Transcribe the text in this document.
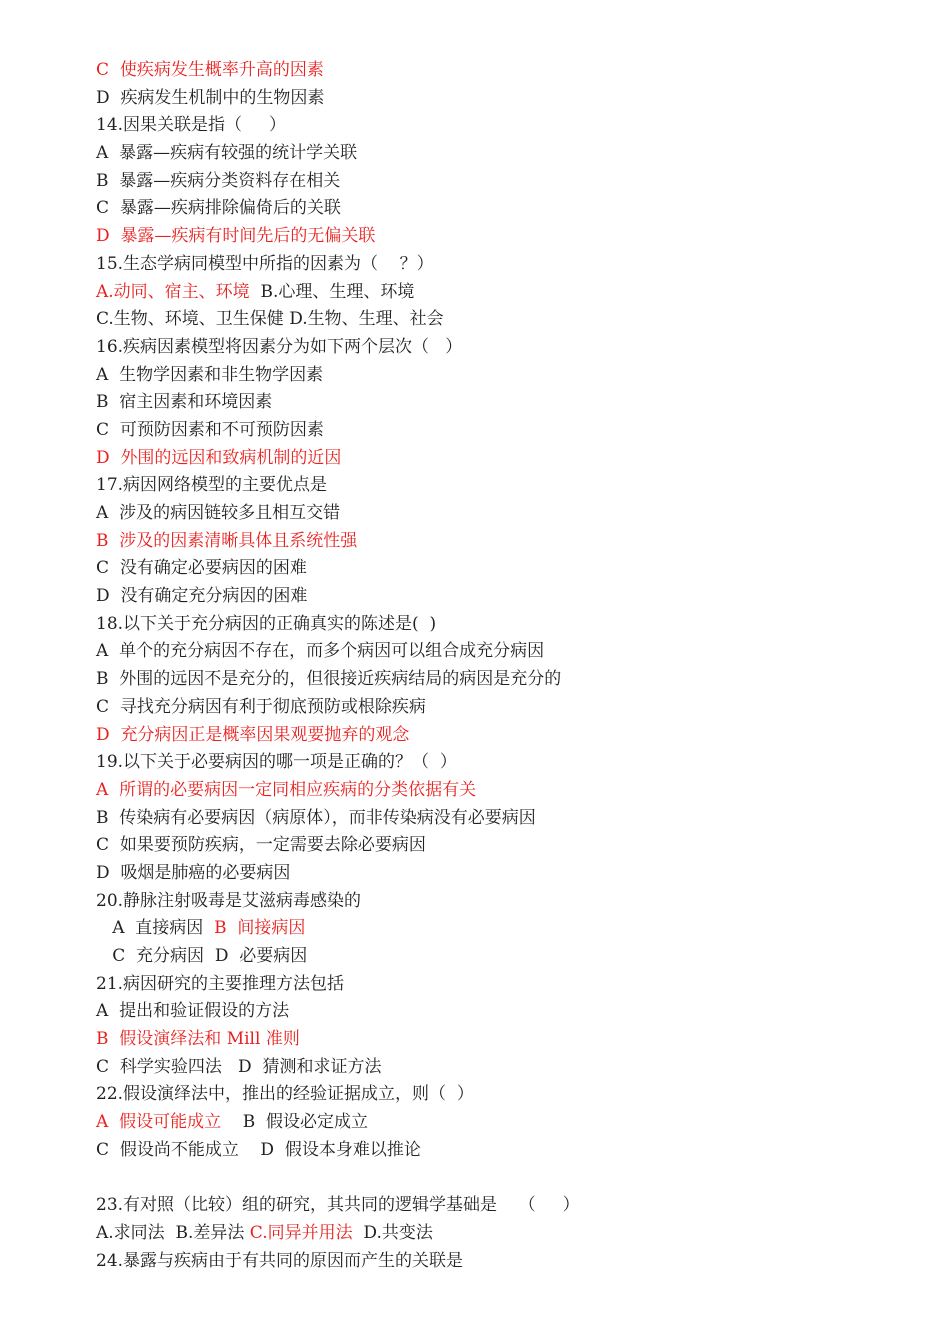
C  使疾病发生概率升高的因素
D  疾病发生机制中的生物因素
14.因果关联是指（     ）
A  暴露—疾病有较强的统计学关联
B  暴露—疾病分类资料存在相关
C  暴露—疾病排除偏倚后的关联
D  暴露—疾病有时间先后的无偏关联
15.生态学病同模型中所指的因素为（    ？）
A.动同、宿主、环境  B.心理、生理、环境
C.生物、环境、卫生保健 D.生物、生理、社会
16.疾病因素模型将因素分为如下两个层次（   ）
A  生物学因素和非生物学因素
B  宿主因素和环境因素
C  可预防因素和不可预防因素
D  外围的远因和致病机制的近因
17.病因网络模型的主要优点是
A  涉及的病因链较多且相互交错
B  涉及的因素清晰具体且系统性强
C  没有确定必要病因的困难
D  没有确定充分病因的困难
18.以下关于充分病因的正确真实的陈述是(  )
A  单个的充分病因不存在，而多个病因可以组合成充分病因
B  外围的远因不是充分的，但很接近疾病结局的病因是充分的
C  寻找充分病因有利于彻底预防或根除疾病
D  充分病因正是概率因果观要抛弃的观念
19.以下关于必要病因的哪一项是正确的？（  ）
A  所谓的必要病因一定同相应疾病的分类依据有关
B  传染病有必要病因（病原体），而非传染病没有必要病因
C  如果要预防疾病，一定需要去除必要病因
D  吸烟是肺癌的必要病因
20.静脉注射吸毒是艾滋病毒感染的
A  直接病因  B  间接病因
C  充分病因  D  必要病因
21.病因研究的主要推理方法包括
A  提出和验证假设的方法
B  假设演绎法和 Mill 准则
C  科学实验四法   D  猜测和求证方法
22.假设演绎法中，推出的经验证据成立，则（  ）
A  假设可能成立    B  假设必定成立
C  假设尚不能成立    D  假设本身难以推论
23.有对照（比较）组的研究，其共同的逻辑学基础是    （     ）
A.求同法  B.差异法 C.同异并用法  D.共变法
24.暴露与疾病由于有共同的原因而产生的关联是
